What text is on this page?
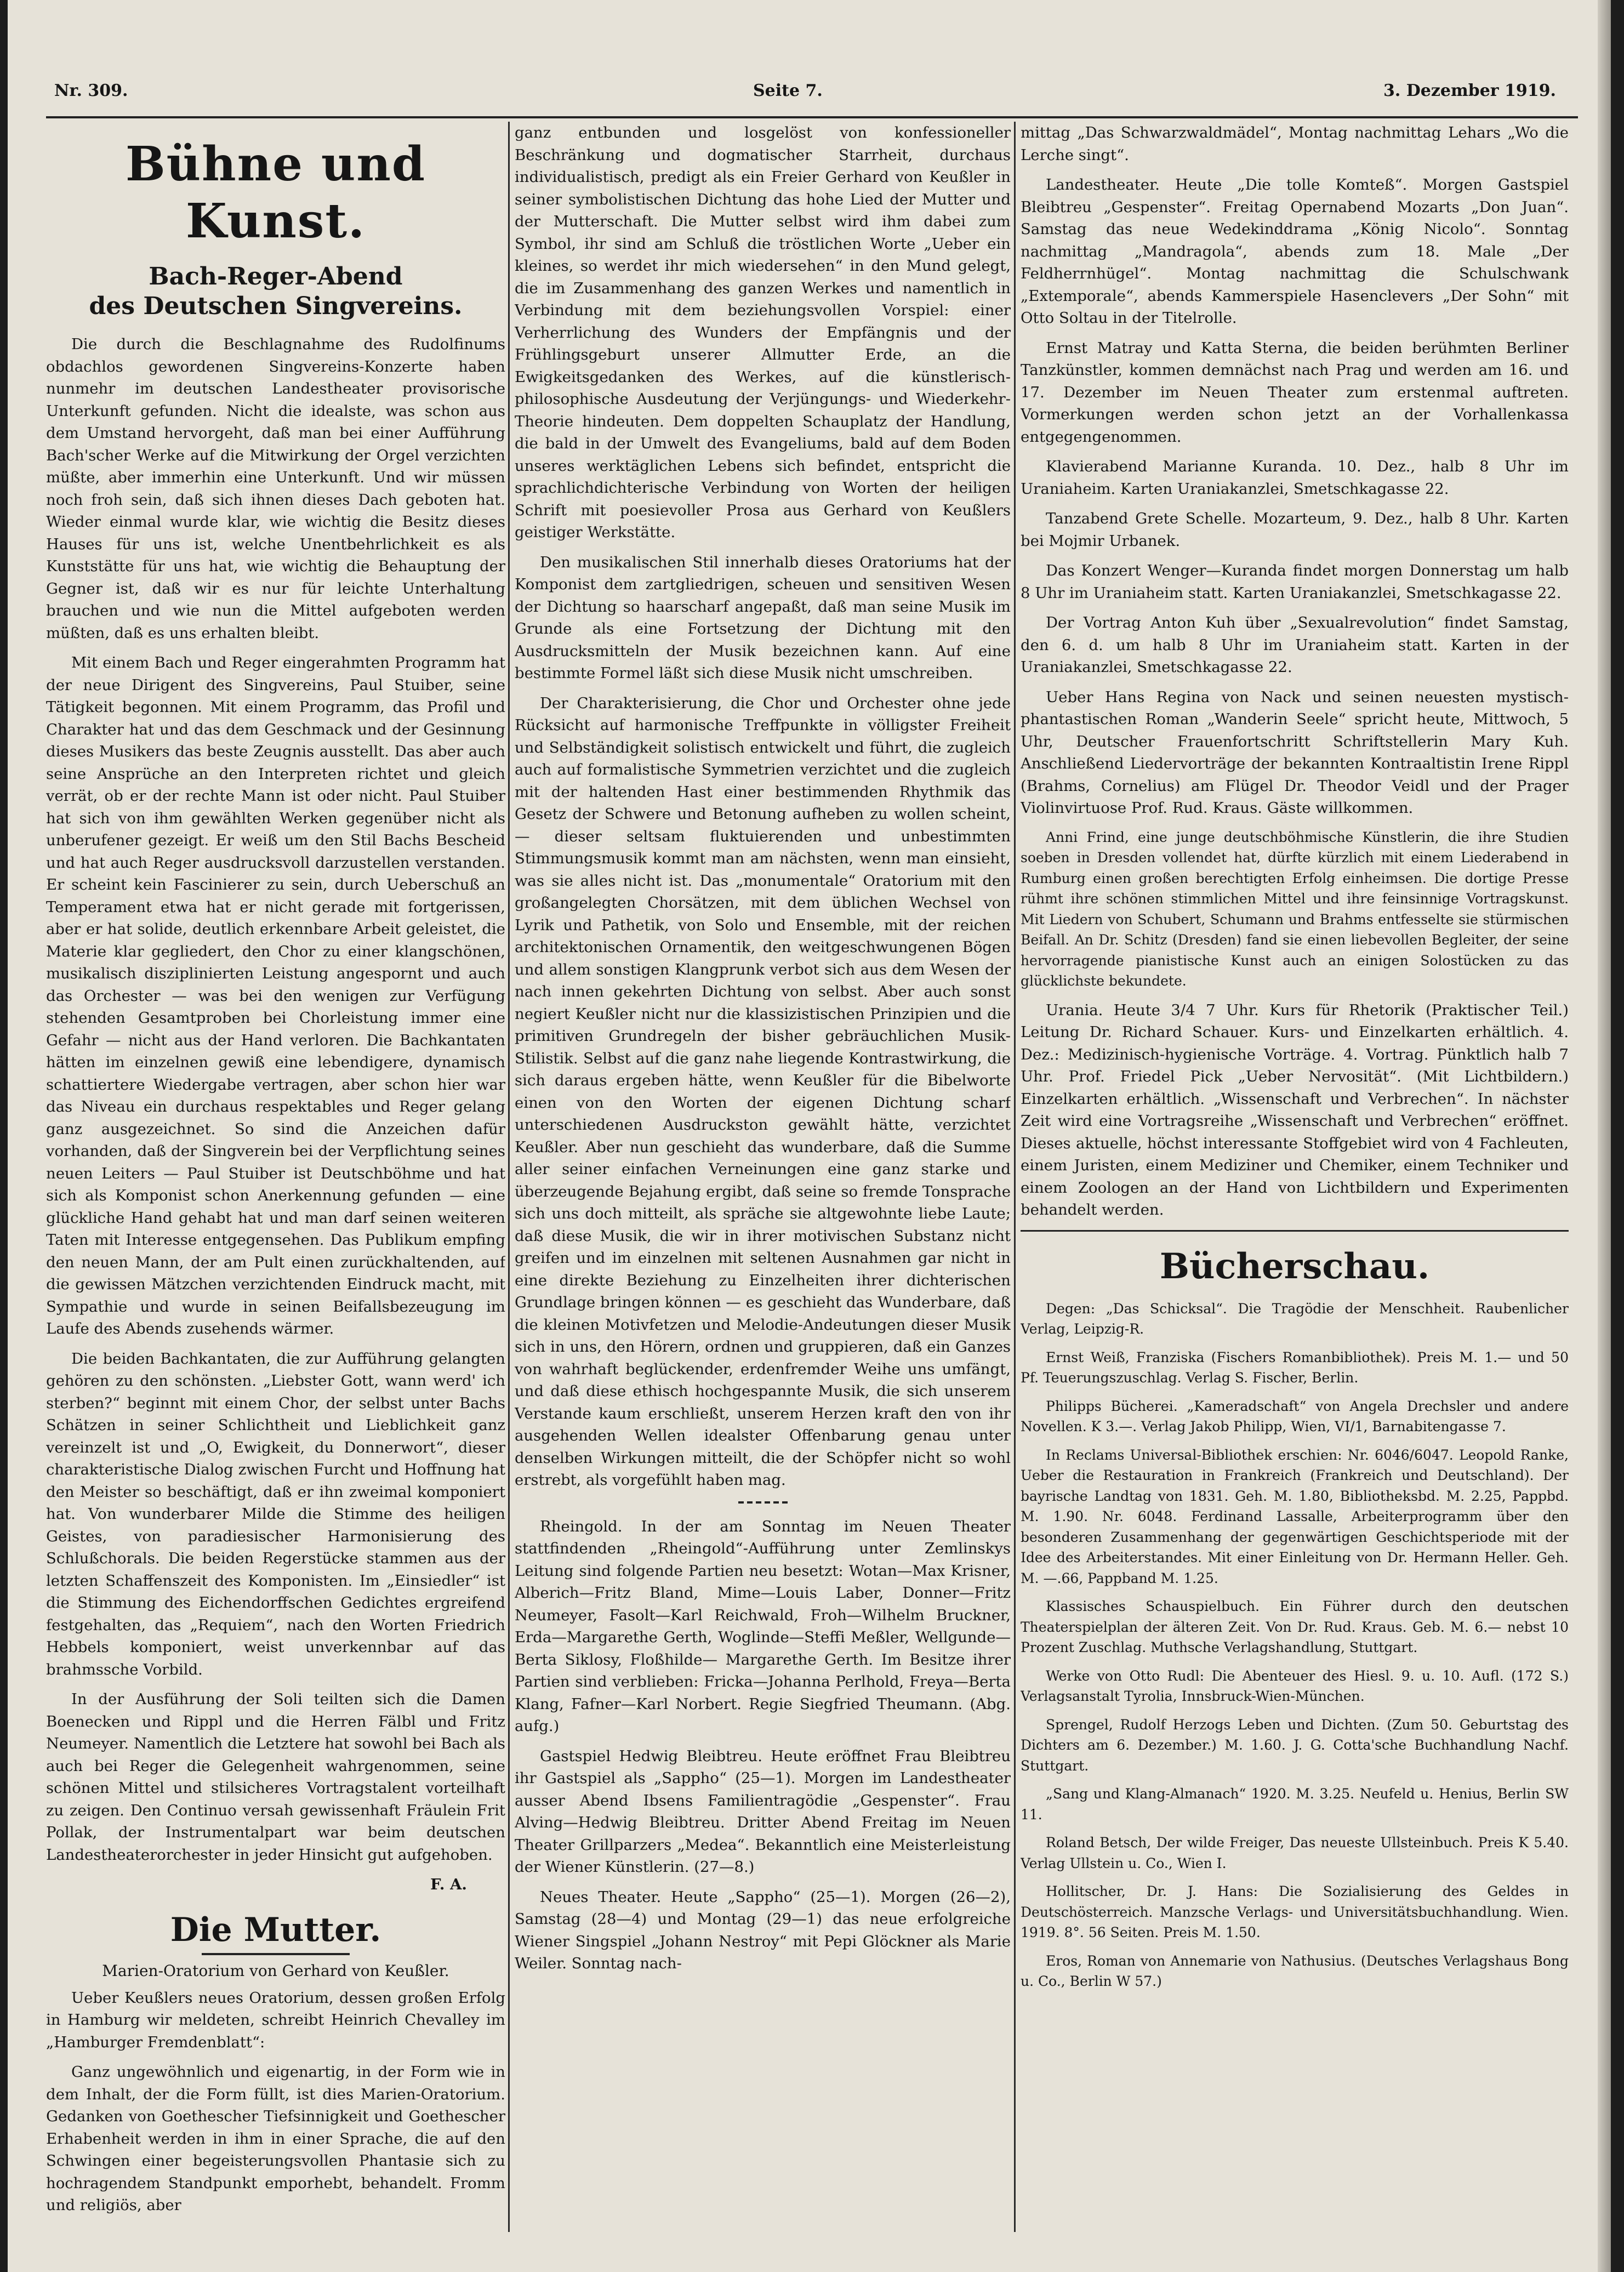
Nr. 309.	Seite 7.	3. Dezember 1919.
Bühne und Kunst.
Bach-Reger-Abend
des Deutschen Singvereins.

Die durch die Beschlagnahme des Rudolfinums obdachlos gewordenen Singvereins-Konzerte haben nunmehr im deutschen Landestheater provisorische Unterkunft gefunden. Nicht die idealste, was schon aus dem Umstand hervorgeht, daß man bei einer Aufführung Bach'scher Werke auf die Mitwirkung der Orgel verzichten müßte, aber immerhin eine Unterkunft. Und wir müssen noch froh sein, daß sich ihnen dieses Dach geboten hat. Wieder einmal wurde klar, wie wichtig die Besitz dieses Hauses für uns ist, welche Unentbehrlichkeit es als Kunststätte für uns hat, wie wichtig die Behauptung der Gegner ist, daß wir es nur für leichte Unterhaltung brauchen und wie nun die Mittel aufgeboten werden müßten, daß es uns erhalten bleibt.

Mit einem Bach und Reger eingerahmten Programm hat der neue Dirigent des Singvereins, Paul Stuiber, seine Tätigkeit begonnen. Mit einem Programm, das Profil und Charakter hat und das dem Geschmack und der Gesinnung dieses Musikers das beste Zeugnis ausstellt. Das aber auch seine Ansprüche an den Interpreten richtet und gleich verrät, ob er der rechte Mann ist oder nicht. Paul Stuiber hat sich von ihm gewählten Werken gegenüber nicht als unberufener gezeigt. Er weiß um den Stil Bachs Bescheid und hat auch Reger ausdrucksvoll darzustellen verstanden. Er scheint kein Fascinierer zu sein, durch Ueberschuß an Temperament etwa hat er nicht gerade mit fortgerissen, aber er hat solide, deutlich erkennbare Arbeit geleistet, die Materie klar gegliedert, den Chor zu einer klangschönen, musikalisch disziplinierten Leistung angespornt und auch das Orchester — was bei den wenigen zur Verfügung stehenden Gesamtproben bei Chorleistung immer eine Gefahr — nicht aus der Hand verloren. Die Bachkantaten hätten im einzelnen gewiß eine lebendigere, dynamisch schattiertere Wiedergabe vertragen, aber schon hier war das Niveau ein durchaus respektables und Reger gelang ganz ausgezeichnet. So sind die Anzeichen dafür vorhanden, daß der Singverein bei der Verpflichtung seines neuen Leiters — Paul Stuiber ist Deutschböhme und hat sich als Komponist schon Anerkennung gefunden — eine glückliche Hand gehabt hat und man darf seinen weiteren Taten mit Interesse entgegensehen. Das Publikum empfing den neuen Mann, der am Pult einen zurückhaltenden, auf die gewissen Mätzchen verzichtenden Eindruck macht, mit Sympathie und wurde in seinen Beifallsbezeugung im Laufe des Abends zusehends wärmer.

Die beiden Bachkantaten, die zur Aufführung gelangten gehören zu den schönsten. „Liebster Gott, wann werd' ich sterben?“ beginnt mit einem Chor, der selbst unter Bachs Schätzen in seiner Schlichtheit und Lieblichkeit ganz vereinzelt ist und „O, Ewigkeit, du Donnerwort“, dieser charakteristische Dialog zwischen Furcht und Hoffnung hat den Meister so beschäftigt, daß er ihn zweimal komponiert hat. Von wunderbarer Milde die Stimme des heiligen Geistes, von paradiesischer Harmonisierung des Schlußchorals. Die beiden Regerstücke stammen aus der letzten Schaffenszeit des Komponisten. Im „Einsiedler“ ist die Stimmung des Eichendorffschen Gedichtes ergreifend festgehalten, das „Requiem“, nach den Worten Friedrich Hebbels komponiert, weist unverkennbar auf das brahmssche Vorbild.

In der Ausführung der Soli teilten sich die Damen Boenecken und Rippl und die Herren Fälbl und Fritz Neumeyer. Namentlich die Letztere hat sowohl bei Bach als auch bei Reger die Gelegenheit wahrgenommen, seine schönen Mittel und stilsicheres Vortragstalent vorteilhaft zu zeigen. Den Continuo versah gewissenhaft Fräulein Frit Pollak, der Instrumentalpart war beim deutschen Landestheaterorchester in jeder Hinsicht gut aufgehoben.

F. A.

Die Mutter.
Marien-Oratorium von Gerhard von Keußler.

Ueber Keußlers neues Oratorium, dessen großen Erfolg in Hamburg wir meldeten, schreibt Heinrich Chevalley im „Hamburger Fremdenblatt“:

Ganz ungewöhnlich und eigenartig, in der Form wie in dem Inhalt, der die Form füllt, ist dies Marien-Oratorium. Gedanken von Goethescher Tiefsinnigkeit und Goethescher Erhabenheit werden in ihm in einer Sprache, die auf den Schwingen einer begeisterungsvollen Phantasie sich zu hochragendem Standpunkt emporhebt, behandelt. Fromm und religiös, aber

ganz entbunden und losgelöst von konfessioneller Beschränkung und dogmatischer Starrheit, durchaus individualistisch, predigt als ein Freier Gerhard von Keußler in seiner symbolistischen Dichtung das hohe Lied der Mutter und der Mutterschaft. Die Mutter selbst wird ihm dabei zum Symbol, ihr sind am Schluß die tröstlichen Worte „Ueber ein kleines, so werdet ihr mich wiedersehen“ in den Mund gelegt, die im Zusammenhang des ganzen Werkes und namentlich in Verbindung mit dem beziehungsvollen Vorspiel: einer Verherrlichung des Wunders der Empfängnis und der Frühlingsgeburt unserer Allmutter Erde, an die Ewigkeitsgedanken des Werkes, auf die künstlerisch-philosophische Ausdeutung der Verjüngungs- und Wiederkehr-Theorie hindeuten. Dem doppelten Schauplatz der Handlung, die bald in der Umwelt des Evangeliums, bald auf dem Boden unseres werktäglichen Lebens sich befindet, entspricht die sprachlichdichterische Verbindung von Worten der heiligen Schrift mit poesievoller Prosa aus Gerhard von Keußlers geistiger Werkstätte.

Den musikalischen Stil innerhalb dieses Oratoriums hat der Komponist dem zartgliedrigen, scheuen und sensitiven Wesen der Dichtung so haarscharf angepaßt, daß man seine Musik im Grunde als eine Fortsetzung der Dichtung mit den Ausdrucksmitteln der Musik bezeichnen kann. Auf eine bestimmte Formel läßt sich diese Musik nicht umschreiben.

Der Charakterisierung, die Chor und Orchester ohne jede Rücksicht auf harmonische Treffpunkte in völligster Freiheit und Selbständigkeit solistisch entwickelt und führt, die zugleich auch auf formalistische Symmetrien verzichtet und die zugleich mit der haltenden Hast einer bestimmenden Rhythmik das Gesetz der Schwere und Betonung aufheben zu wollen scheint, — dieser seltsam fluktuierenden und unbestimmten Stimmungsmusik kommt man am nächsten, wenn man einsieht, was sie alles nicht ist. Das „monumentale“ Oratorium mit den großangelegten Chorsätzen, mit dem üblichen Wechsel von Lyrik und Pathetik, von Solo und Ensemble, mit der reichen architektonischen Ornamentik, den weitgeschwungenen Bögen und allem sonstigen Klangprunk verbot sich aus dem Wesen der nach innen gekehrten Dichtung von selbst. Aber auch sonst negiert Keußler nicht nur die klassizistischen Prinzipien und die primitiven Grundregeln der bisher gebräuchlichen Musik-Stilistik. Selbst auf die ganz nahe liegende Kontrastwirkung, die sich daraus ergeben hätte, wenn Keußler für die Bibelworte einen von den Worten der eigenen Dichtung scharf unterschiedenen Ausdruckston gewählt hätte, verzichtet Keußler. Aber nun geschieht das wunderbare, daß die Summe aller seiner einfachen Verneinungen eine ganz starke und überzeugende Bejahung ergibt, daß seine so fremde Tonsprache sich uns doch mitteilt, als spräche sie altgewohnte liebe Laute; daß diese Musik, die wir in ihrer motivischen Substanz nicht greifen und im einzelnen mit seltenen Ausnahmen gar nicht in eine direkte Beziehung zu Einzelheiten ihrer dichterischen Grundlage bringen können — es geschieht das Wunderbare, daß die kleinen Motivfetzen und Melodie-Andeutungen dieser Musik sich in uns, den Hörern, ordnen und gruppieren, daß ein Ganzes von wahrhaft beglückender, erdenfremder Weihe uns umfängt, und daß diese ethisch hochgespannte Musik, die sich unserem Verstande kaum erschließt, unserem Herzen kraft den von ihr ausgehenden Wellen idealster Offenbarung genau unter denselben Wirkungen mitteilt, die der Schöpfer nicht so wohl erstrebt, als vorgefühlt haben mag.

Rheingold. In der am Sonntag im Neuen Theater stattfindenden „Rheingold“-Aufführung unter Zemlinskys Leitung sind folgende Partien neu besetzt: Wotan—Max Krisner, Alberich—Fritz Bland, Mime—Louis Laber, Donner—Fritz Neumeyer, Fasolt—Karl Reichwald, Froh—Wilhelm Bruckner, Erda—Margarethe Gerth, Woglinde—Steffi Meßler, Wellgunde—Berta Siklosy, Floßhilde— Margarethe Gerth. Im Besitze ihrer Partien sind verblieben: Fricka—Johanna Perlhold, Freya—Berta Klang, Fafner—Karl Norbert. Regie Siegfried Theumann. (Abg. aufg.)

Gastspiel Hedwig Bleibtreu. Heute eröffnet Frau Bleibtreu ihr Gastspiel als „Sappho“ (25—1). Morgen im Landestheater ausser Abend Ibsens Familientragödie „Gespenster“. Frau Alving—Hedwig Bleibtreu. Dritter Abend Freitag im Neuen Theater Grillparzers „Medea“. Bekanntlich eine Meisterleistung der Wiener Künstlerin. (27—8.)

Neues Theater. Heute „Sappho“ (25—1). Morgen (26—2), Samstag (28—4) und Montag (29—1) das neue erfolgreiche Wiener Singspiel „Johann Nestroy“ mit Pepi Glöckner als Marie Weiler. Sonntag nach-

mittag „Das Schwarzwaldmädel“, Montag nachmittag Lehars „Wo die Lerche singt“.

Landestheater. Heute „Die tolle Komteß“. Morgen Gastspiel Bleibtreu „Gespenster“. Freitag Opernabend Mozarts „Don Juan“. Samstag das neue Wedekinddrama „König Nicolo“. Sonntag nachmittag „Mandragola“, abends zum 18. Male „Der Feldherrnhügel“. Montag nachmittag die Schulschwank „Extemporale“, abends Kammerspiele Hasenclevers „Der Sohn“ mit Otto Soltau in der Titelrolle.

Ernst Matray und Katta Sterna, die beiden berühmten Berliner Tanzkünstler, kommen demnächst nach Prag und werden am 16. und 17. Dezember im Neuen Theater zum erstenmal auftreten. Vormerkungen werden schon jetzt an der Vorhallenkassa entgegengenommen.

Klavierabend Marianne Kuranda. 10. Dez., halb 8 Uhr im Uraniaheim. Karten Uraniakanzlei, Smetschkagasse 22.

Tanzabend Grete Schelle. Mozarteum, 9. Dez., halb 8 Uhr. Karten bei Mojmir Urbanek.

Das Konzert Wenger—Kuranda findet morgen Donnerstag um halb 8 Uhr im Uraniaheim statt. Karten Uraniakanzlei, Smetschkagasse 22.

Der Vortrag Anton Kuh über „Sexualrevolution“ findet Samstag, den 6. d. um halb 8 Uhr im Uraniaheim statt. Karten in der Uraniakanzlei, Smetschkagasse 22.

Ueber Hans Regina von Nack und seinen neuesten mystisch-phantastischen Roman „Wanderin Seele“ spricht heute, Mittwoch, 5 Uhr, Deutscher Frauenfortschritt Schriftstellerin Mary Kuh. Anschließend Liedervorträge der bekannten Kontraaltistin Irene Rippl (Brahms, Cornelius) am Flügel Dr. Theodor Veidl und der Prager Violinvirtuose Prof. Rud. Kraus. Gäste willkommen.

Anni Frind, eine junge deutschböhmische Künstlerin, die ihre Studien soeben in Dresden vollendet hat, dürfte kürzlich mit einem Liederabend in Rumburg einen großen berechtigten Erfolg einheimsen. Die dortige Presse rühmt ihre schönen stimmlichen Mittel und ihre feinsinnige Vortragskunst. Mit Liedern von Schubert, Schumann und Brahms entfesselte sie stürmischen Beifall. An Dr. Schitz (Dresden) fand sie einen liebevollen Begleiter, der seine hervorragende pianistische Kunst auch an einigen Solostücken zu das glücklichste bekundete.

Urania. Heute 3/4 7 Uhr. Kurs für Rhetorik (Praktischer Teil.) Leitung Dr. Richard Schauer. Kurs- und Einzelkarten erhältlich. 4. Dez.: Medizinisch-hygienische Vorträge. 4. Vortrag. Pünktlich halb 7 Uhr. Prof. Friedel Pick „Ueber Nervosität“. (Mit Lichtbildern.) Einzelkarten erhältlich. „Wissenschaft und Verbrechen“. In nächster Zeit wird eine Vortragsreihe „Wissenschaft und Verbrechen“ eröffnet. Dieses aktuelle, höchst interessante Stoffgebiet wird von 4 Fachleuten, einem Juristen, einem Mediziner und Chemiker, einem Techniker und einem Zoologen an der Hand von Lichtbildern und Experimenten behandelt werden.

Bücherschau.

Degen: „Das Schicksal“. Die Tragödie der Menschheit. Raubenlicher Verlag, Leipzig-R.

Ernst Weiß, Franziska (Fischers Romanbibliothek). Preis M. 1.— und 50 Pf. Teuerungszuschlag. Verlag S. Fischer, Berlin.

Philipps Bücherei. „Kameradschaft“ von Angela Drechsler und andere Novellen. K 3.—. Verlag Jakob Philipp, Wien, VI/1, Barnabitengasse 7.

In Reclams Universal-Bibliothek erschien: Nr. 6046/6047. Leopold Ranke, Ueber die Restauration in Frankreich (Frankreich und Deutschland). Der bayrische Landtag von 1831. Geh. M. 1.80, Bibliotheksbd. M. 2.25, Pappbd. M. 1.90. Nr. 6048. Ferdinand Lassalle, Arbeiterprogramm über den besonderen Zusammenhang der gegenwärtigen Geschichtsperiode mit der Idee des Arbeiterstandes. Mit einer Einleitung von Dr. Hermann Heller. Geh. M. —.66, Pappband M. 1.25.

Klassisches Schauspielbuch. Ein Führer durch den deutschen Theaterspielplan der älteren Zeit. Von Dr. Rud. Kraus. Geb. M. 6.— nebst 10 Prozent Zuschlag. Muthsche Verlagshandlung, Stuttgart.

Werke von Otto Rudl: Die Abenteuer des Hiesl. 9. u. 10. Aufl. (172 S.) Verlagsanstalt Tyrolia, Innsbruck-Wien-München.

Sprengel, Rudolf Herzogs Leben und Dichten. (Zum 50. Geburtstag des Dichters am 6. Dezember.) M. 1.60. J. G. Cotta'sche Buchhandlung Nachf. Stuttgart.

„Sang und Klang-Almanach“ 1920. M. 3.25. Neufeld u. Henius, Berlin SW 11.

Roland Betsch, Der wilde Freiger, Das neueste Ullsteinbuch. Preis K 5.40. Verlag Ullstein u. Co., Wien I.

Hollitscher, Dr. J. Hans: Die Sozialisierung des Geldes in Deutschösterreich. Manzsche Verlags- und Universitätsbuchhandlung. Wien. 1919. 8°. 56 Seiten. Preis M. 1.50.

Eros, Roman von Annemarie von Nathusius. (Deutsches Verlagshaus Bong u. Co., Berlin W 57.)
